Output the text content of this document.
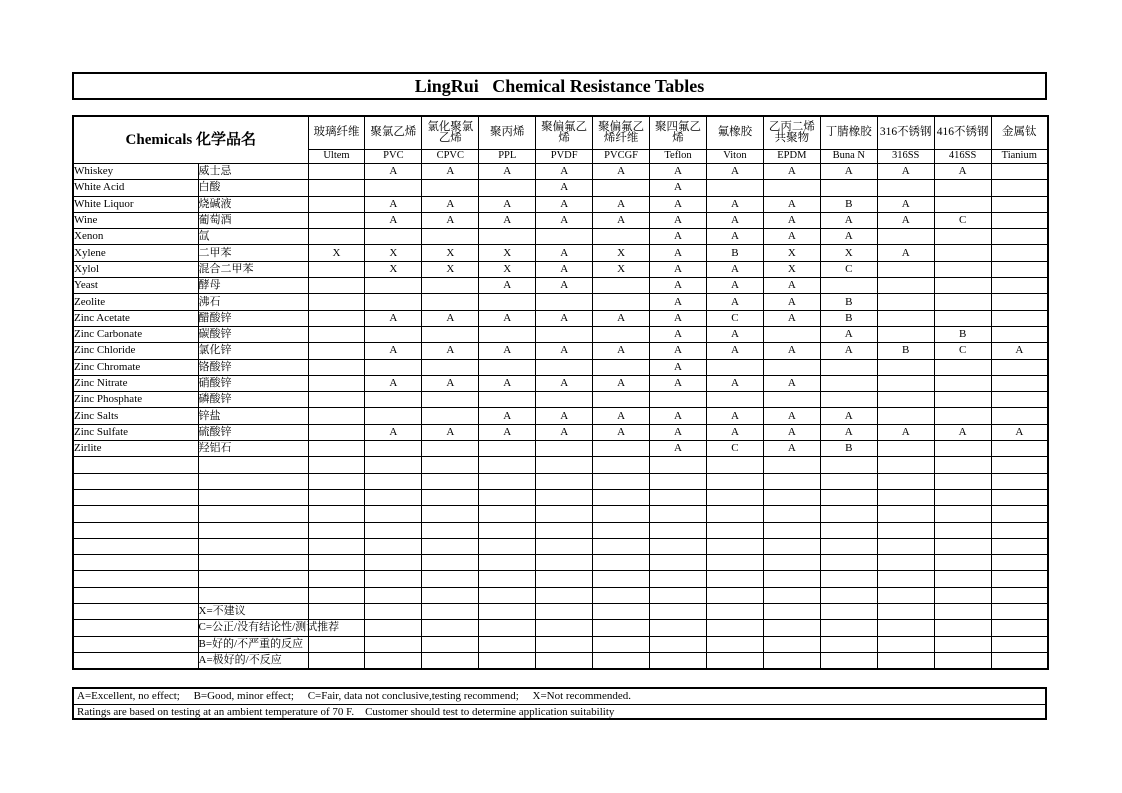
LingRui   Chemical Resistance Tables
Chemicals 化学品名		玻璃纤维	聚氯乙烯	氯化聚氯乙烯	聚丙烯	聚偏氟乙烯	聚偏氟乙烯纤维	聚四氟乙烯	氟橡胶	乙丙二烯共聚物	丁腈橡胶	316不锈钢	416不锈钢	金属钛
		Ultem	PVC	CPVC	PPL	PVDF	PVCGF	Teflon	Viton	EPDM	Buna N	316SS	416SS	Tianium
Whiskey	威士忌		A	A	A	A	A	A	A	A	A	A	A	
White Acid	白酸					A		A						
White Liquor	烧碱液		A	A	A	A	A	A	A	A	B	A		
Wine	葡萄酒		A	A	A	A	A	A	A	A	A	A	C	
Xenon	氙							A	A	A	A			
Xylene	二甲苯	X	X	X	X	A	X	A	B	X	X	A		
Xylol	混合二甲苯		X	X	X	A	X	A	A	X	C			
Yeast	酵母				A	A		A	A	A				
Zeolite	沸石							A	A	A	B			
Zinc Acetate	醋酸锌		A	A	A	A	A	A	C	A	B			
Zinc Carbonate	碳酸锌							A	A		A		B	
Zinc Chloride	氯化锌		A	A	A	A	A	A	A	A	A	B	C	A
Zinc Chromate	铬酸锌							A						
Zinc Nitrate	硝酸锌		A	A	A	A	A	A	A	A				
Zinc Phosphate	磷酸锌													
Zinc Salts	锌盐				A	A	A	A	A	A	A			
Zinc Sulfate	硫酸锌		A	A	A	A	A	A	A	A	A	A	A	A
Zirlite	羟铝石							A	C	A	B			

	X=不建议													
	C=公正/没有结论性/测试推荐													
	B=好的/不严重的反应													
	A=极好的/不反应													
A=Excellent, no effect;     B=Good, minor effect;     C=Fair, data not conclusive,testing recommend;     X=Not recommended.
Ratings are based on testing at an ambient temperature of 70 F.    Customer should test to determine application suitability
